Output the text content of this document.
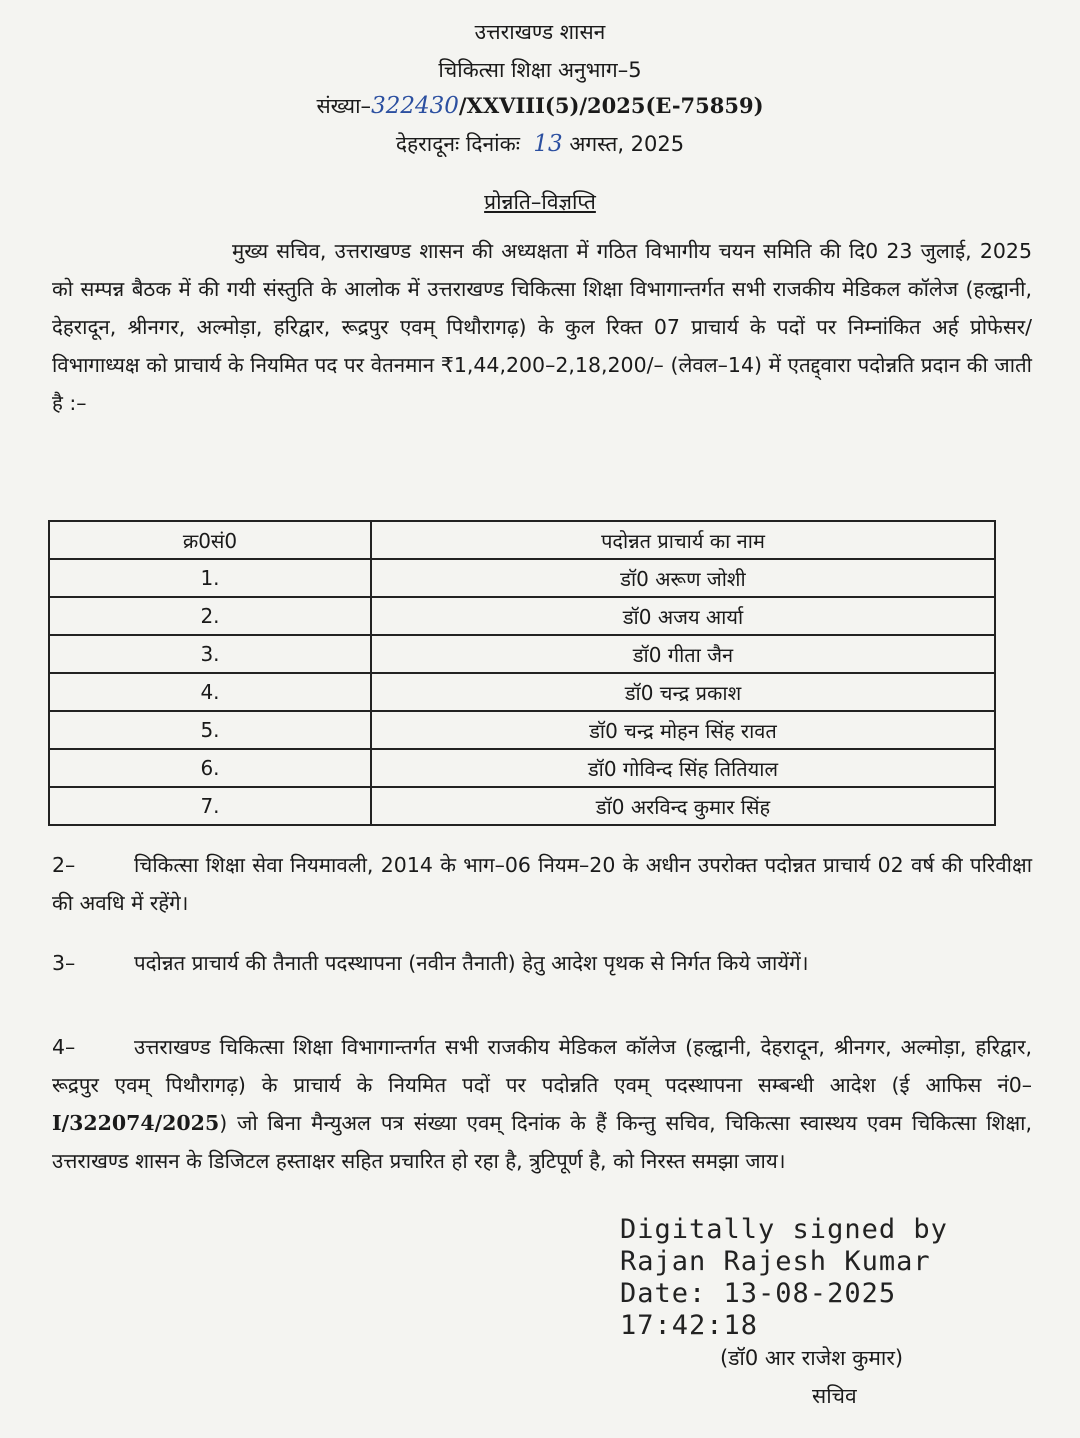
उत्तराखण्ड शासन
चिकित्सा शिक्षा अनुभाग–5
संख्या–322430/XXVIII(5)/2025(E-75859)
देहरादूनः दिनांकः 13 अगस्त, 2025
प्रोन्नति–विज्ञप्ति
मुख्य सचिव, उत्तराखण्ड शासन की अध्यक्षता में गठित विभागीय चयन समिति की दि0 23 जुलाई, 2025 को सम्पन्न बैठक में की गयी संस्तुति के आलोक में उत्तराखण्ड चिकित्सा शिक्षा विभागान्तर्गत सभी राजकीय मेडिकल कॉलेज (हल्द्वानी, देहरादून, श्रीनगर, अल्मोड़ा, हरिद्वार, रूद्रपुर एवम् पिथौरागढ़) के कुल रिक्त 07 प्राचार्य के पदों पर निम्नांकित अर्ह प्रोफेसर/विभागाध्यक्ष को प्राचार्य के नियमित पद पर वेतनमान ₹1,44,200–2,18,200/– (लेवल–14) में एतद्द्वारा पदोन्नति प्रदान की जाती है :–
क्र0सं0	पदोन्नत प्राचार्य का नाम
1.	डॉ0 अरूण जोशी
2.	डॉ0 अजय आर्या
3.	डॉ0 गीता जैन
4.	डॉ0 चन्द्र प्रकाश
5.	डॉ0 चन्द्र मोहन सिंह रावत
6.	डॉ0 गोविन्द सिंह तितियाल
7.	डॉ0 अरविन्द कुमार सिंह
2–	चिकित्सा शिक्षा सेवा नियमावली, 2014 के भाग–06 नियम–20 के अधीन उपरोक्त पदोन्नत प्राचार्य 02 वर्ष की परिवीक्षा की अवधि में रहेंगे।
3–	पदोन्नत प्राचार्य की तैनाती पदस्थापना (नवीन तैनाती) हेतु आदेश पृथक से निर्गत किये जायेंगें।
4–	उत्तराखण्ड चिकित्सा शिक्षा विभागान्तर्गत सभी राजकीय मेडिकल कॉलेज (हल्द्वानी, देहरादून, श्रीनगर, अल्मोड़ा, हरिद्वार, रूद्रपुर एवम् पिथौरागढ़) के प्राचार्य के नियमित पदों पर पदोन्नति एवम् पदस्थापना सम्बन्धी आदेश (ई आफिस नं0–I/322074/2025) जो बिना मैन्युअल पत्र संख्या एवम् दिनांक के हैं किन्तु सचिव, चिकित्सा स्वास्थय एवम चिकित्सा शिक्षा, उत्तराखण्ड शासन के डिजिटल हस्ताक्षर सहित प्रचारित हो रहा है, त्रुटिपूर्ण है, को निरस्त समझा जाय।
Digitally signed by
Rajan Rajesh Kumar
Date: 13-08-2025
17:42:18
(डॉ0 आर राजेश कुमार)
सचिव
